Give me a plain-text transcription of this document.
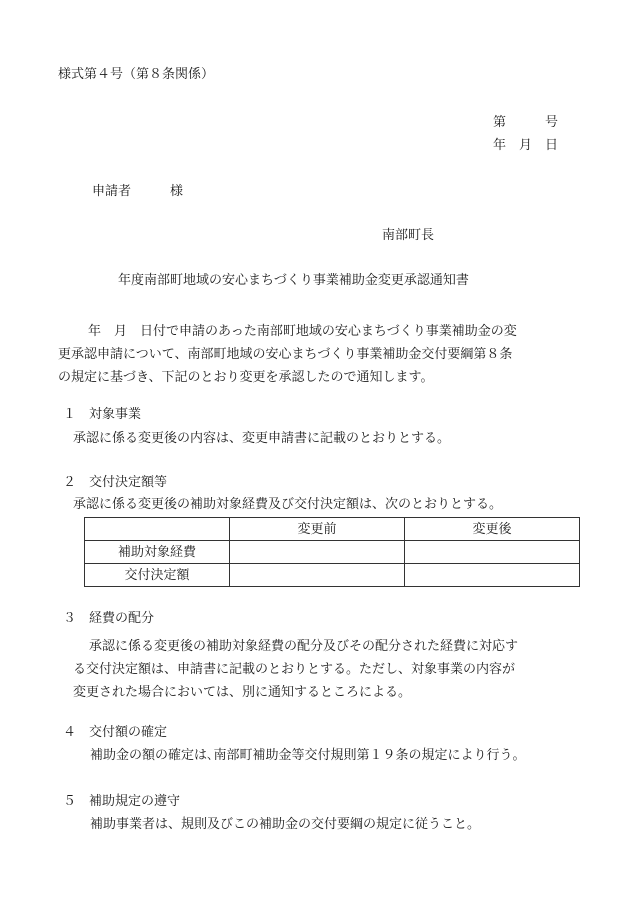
様式第４号（第８条関係）
第　　　号
年　月　日
申請者　　　様
南部町長
年度南部町地域の安心まちづくり事業補助金変更承認通知書
年　月　日付で申請のあった南部町地域の安心まちづくり事業補助金の変
更承認申請について、南部町地域の安心まちづくり事業補助金交付要綱第８条
の規定に基づき、下記のとおり変更を承認したので通知します。
１　対象事業
承認に係る変更後の内容は、変更申請書に記載のとおりとする。
２　交付決定額等
承認に係る変更後の補助対象経費及び交付決定額は、次のとおりとする。
	変更前	変更後
補助対象経費		
交付決定額		
３　経費の配分
承認に係る変更後の補助対象経費の配分及びその配分された経費に対応す
る交付決定額は、申請書に記載のとおりとする。ただし、対象事業の内容が
変更された場合においては、別に通知するところによる。
４　交付額の確定
補助金の額の確定は､南部町補助金等交付規則第１９条の規定により行う。
５　補助規定の遵守
補助事業者は、規則及びこの補助金の交付要綱の規定に従うこと。
